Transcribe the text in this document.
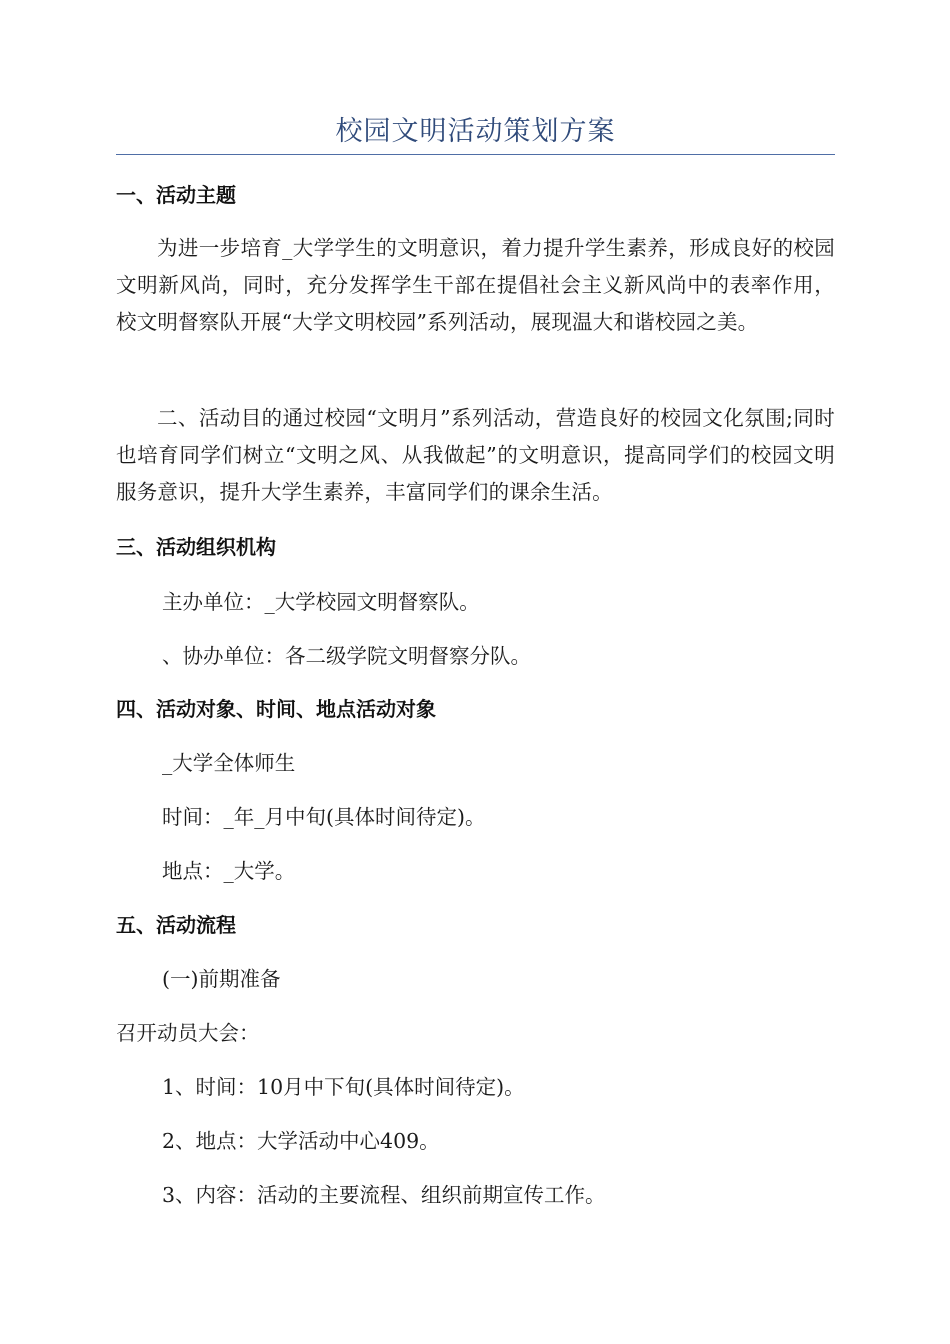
校园文明活动策划方案
一、活动主题
为进一步培育_大学学生的文明意识，着力提升学生素养，形成良好的校园文明新风尚，同时，充分发挥学生干部在提倡社会主义新风尚中的表率作用，校文明督察队开展“大学文明校园”系列活动，展现温大和谐校园之美。
二、活动目的通过校园“文明月”系列活动，营造良好的校园文化氛围;同时也培育同学们树立“文明之风、从我做起”的文明意识，提高同学们的校园文明服务意识，提升大学生素养，丰富同学们的课余生活。
三、活动组织机构
主办单位：_大学校园文明督察队。
、协办单位：各二级学院文明督察分队。
四、活动对象、时间、地点活动对象
_大学全体师生
时间：_年_月中旬(具体时间待定)。
地点：_大学。
五、活动流程
(一)前期准备
召开动员大会：
1、时间：10月中下旬(具体时间待定)。
2、地点：大学活动中心409。
3、内容：活动的主要流程、组织前期宣传工作。
